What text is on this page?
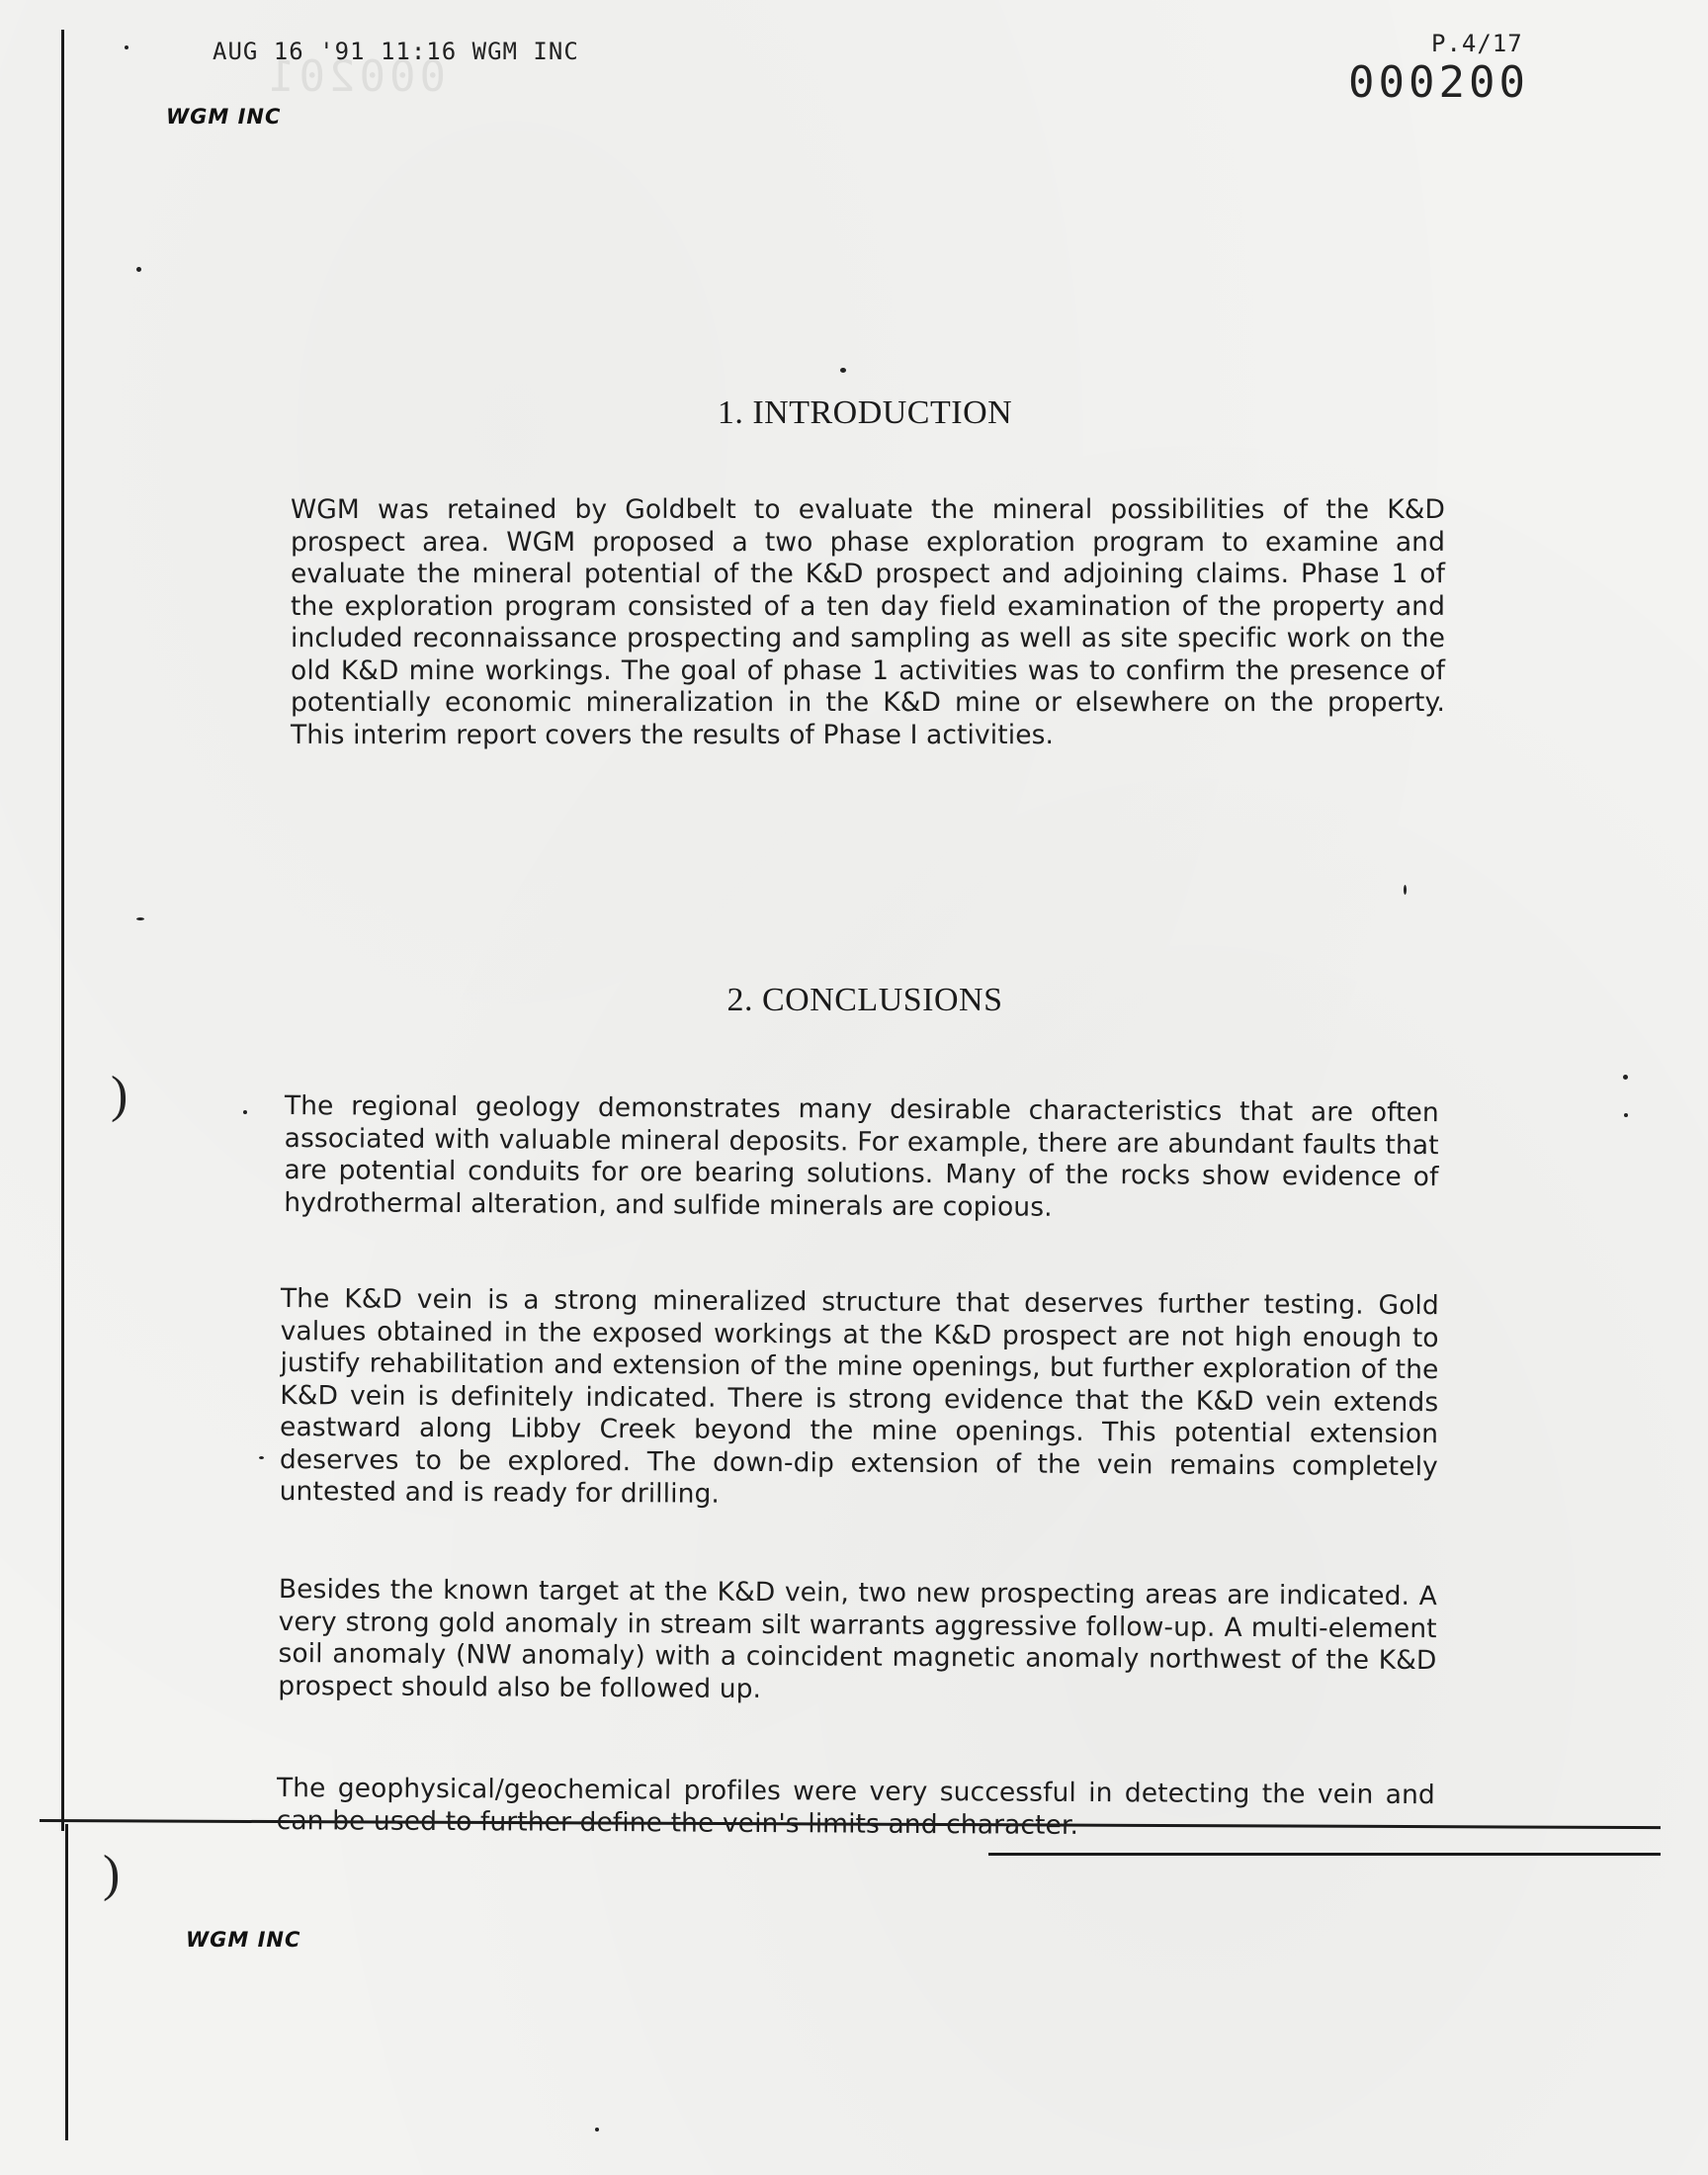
AUG 16 '91 11:16 WGM INC	P.4/17
000200
000201
WGM INC
WGM INC
1. INTRODUCTION
WGM was retained by Goldbelt to evaluate the mineral possibilities of the K&D prospect area. WGM proposed a two phase exploration program to examine and evaluate the mineral potential of the K&D prospect and adjoining claims. Phase 1 of the exploration program consisted of a ten day field examination of the property and included reconnaissance prospecting and sampling as well as site specific work on the old K&D mine workings. The goal of phase 1 activities was to confirm the presence of potentially economic mineralization in the K&D mine or elsewhere on the property. This interim report covers the results of Phase I activities.
2. CONCLUSIONS
The regional geology demonstrates many desirable characteristics that are often associated with valuable mineral deposits. For example, there are abundant faults that are potential conduits for ore bearing solutions. Many of the rocks show evidence of hydrothermal alteration, and sulfide minerals are copious.
The K&D vein is a strong mineralized structure that deserves further testing. Gold values obtained in the exposed workings at the K&D prospect are not high enough to justify rehabilitation and extension of the mine openings, but further exploration of the K&D vein is definitely indicated. There is strong evidence that the K&D vein extends eastward along Libby Creek beyond the mine openings. This potential extension deserves to be explored. The down-dip extension of the vein remains completely untested and is ready for drilling.
Besides the known target at the K&D vein, two new prospecting areas are indicated. A very strong gold anomaly in stream silt warrants aggressive follow-up. A multi-element soil anomaly (NW anomaly) with a coincident magnetic anomaly northwest of the K&D prospect should also be followed up.
The geophysical/geochemical profiles were very successful in detecting the vein and can be used to further define the vein's limits and character.
)
)
